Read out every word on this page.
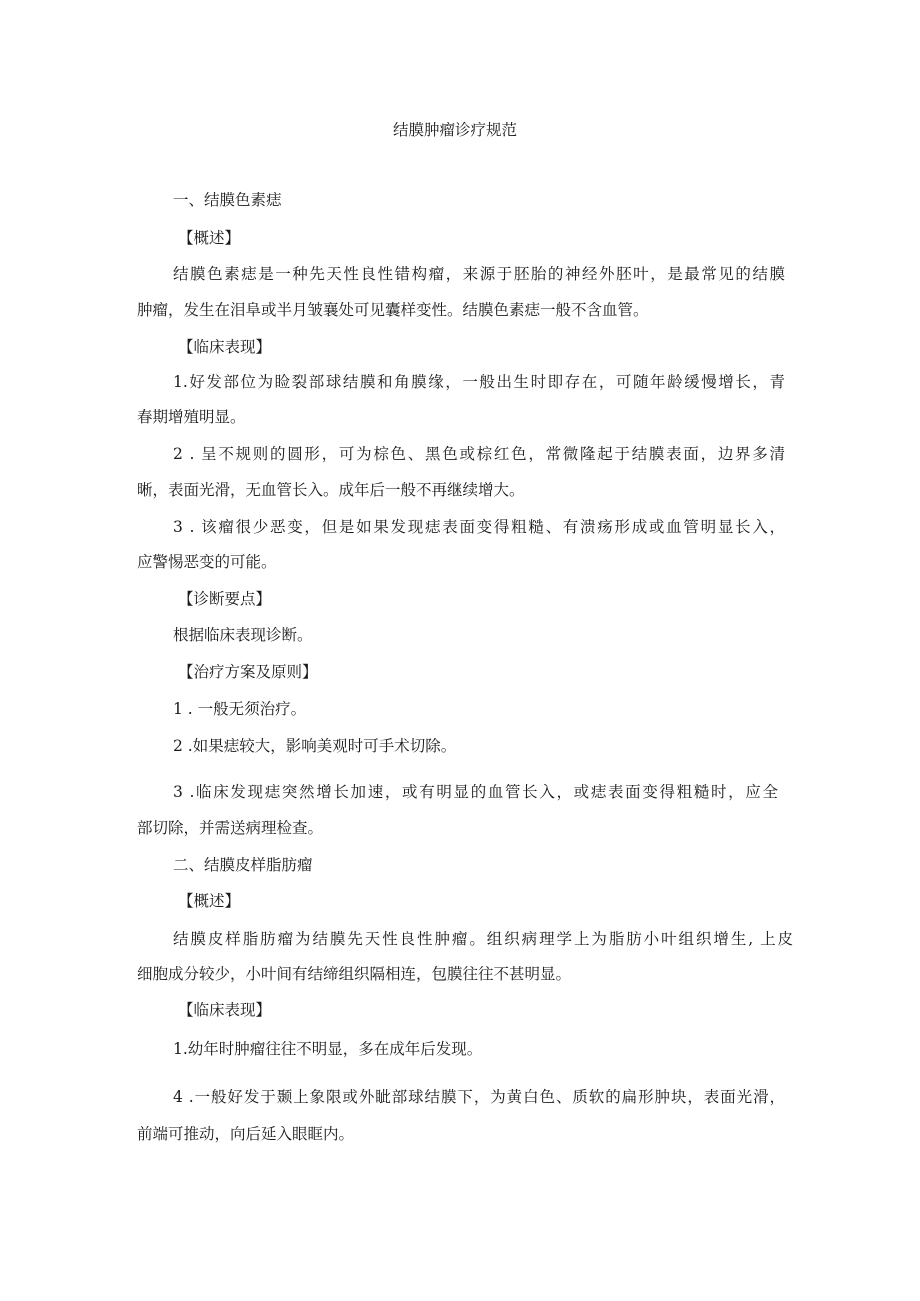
结膜肿瘤诊疗规范
一、结膜色素痣
【概述】
结膜色素痣是一种先天性良性错构瘤，来源于胚胎的神经外胚叶，是最常见的结膜
肿瘤，发生在泪阜或半月皱襄处可见囊样变性。结膜色素痣一般不含血管。
【临床表现】
1.好发部位为睑裂部球结膜和角膜缘，一般出生时即存在，可随年龄缓慢增长，青
春期增殖明显。
2 . 呈不规则的圆形，可为棕色、黑色或棕红色，常微隆起于结膜表面，边界多清
晰，表面光滑，无血管长入。成年后一般不再继续增大。
3 . 该瘤很少恶变，但是如果发现痣表面变得粗糙、有溃疡形成或血管明显长入，
应警惕恶变的可能。
【诊断要点】
根据临床表现诊断。
【治疗方案及原则】
1 . 一般无须治疗。
2 .如果痣较大，影响美观时可手术切除。
3 .临床发现痣突然增长加速，或有明显的血管长入，或痣表面变得粗糙时，应全
部切除，并需送病理检查。
二、结膜皮样脂肪瘤
【概述】
结膜皮样脂肪瘤为结膜先天性良性肿瘤。组织病理学上为脂肪小叶组织增生, 上皮
细胞成分较少，小叶间有结缔组织隔相连，包膜往往不甚明显。
【临床表现】
1.幼年时肿瘤往往不明显，多在成年后发现。
4 .一般好发于颞上象限或外眦部球结膜下，为黄白色、质软的扁形肿块，表面光滑，
前端可推动，向后延入眼眶内。
